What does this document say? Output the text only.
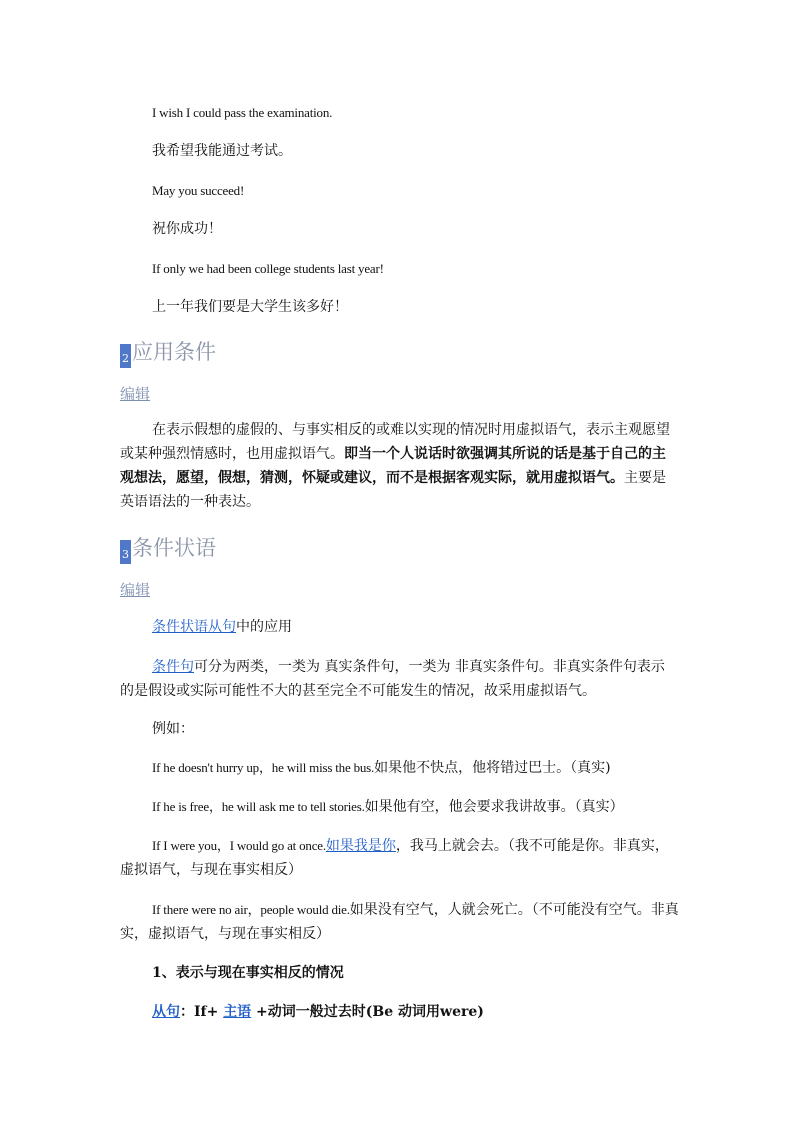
I wish I could pass the examination.

我希望我能通过考试。

May you succeed!

祝你成功！

If only we had been college students last year!

上一年我们要是大学生该多好！

2 应用条件
编辑

在表示假想的虚假的、与事实相反的或难以实现的情况时用虚拟语气，表示主观愿望或某种强烈情感时，也用虚拟语气。即当一个人说话时欲强调其所说的话是基于自己的主观想法，愿望，假想，猜测，怀疑或建议，而不是根据客观实际，就用虚拟语气。主要是英语语法的一种表达。

3 条件状语
编辑

条件状语从句中的应用

条件句可分为两类，一类为 真实条件句，一类为 非真实条件句。非真实条件句表示的是假设或实际可能性不大的甚至完全不可能发生的情况，故采用虚拟语气。

例如：

If he doesn't hurry up，he will miss the bus.如果他不快点，他将错过巴士。（真实)

If he is free，he will ask me to tell stories.如果他有空，他会要求我讲故事。（真实）

If I were you，I would go at once.如果我是你，我马上就会去。（我不可能是你。非真实，虚拟语气，与现在事实相反）

If there were no air，people would die.如果没有空气，人就会死亡。（不可能没有空气。非真实，虚拟语气，与现在事实相反）

1、表示与现在事实相反的情况

从句：If+ 主语 +动词一般过去时(Be 动词用were)
